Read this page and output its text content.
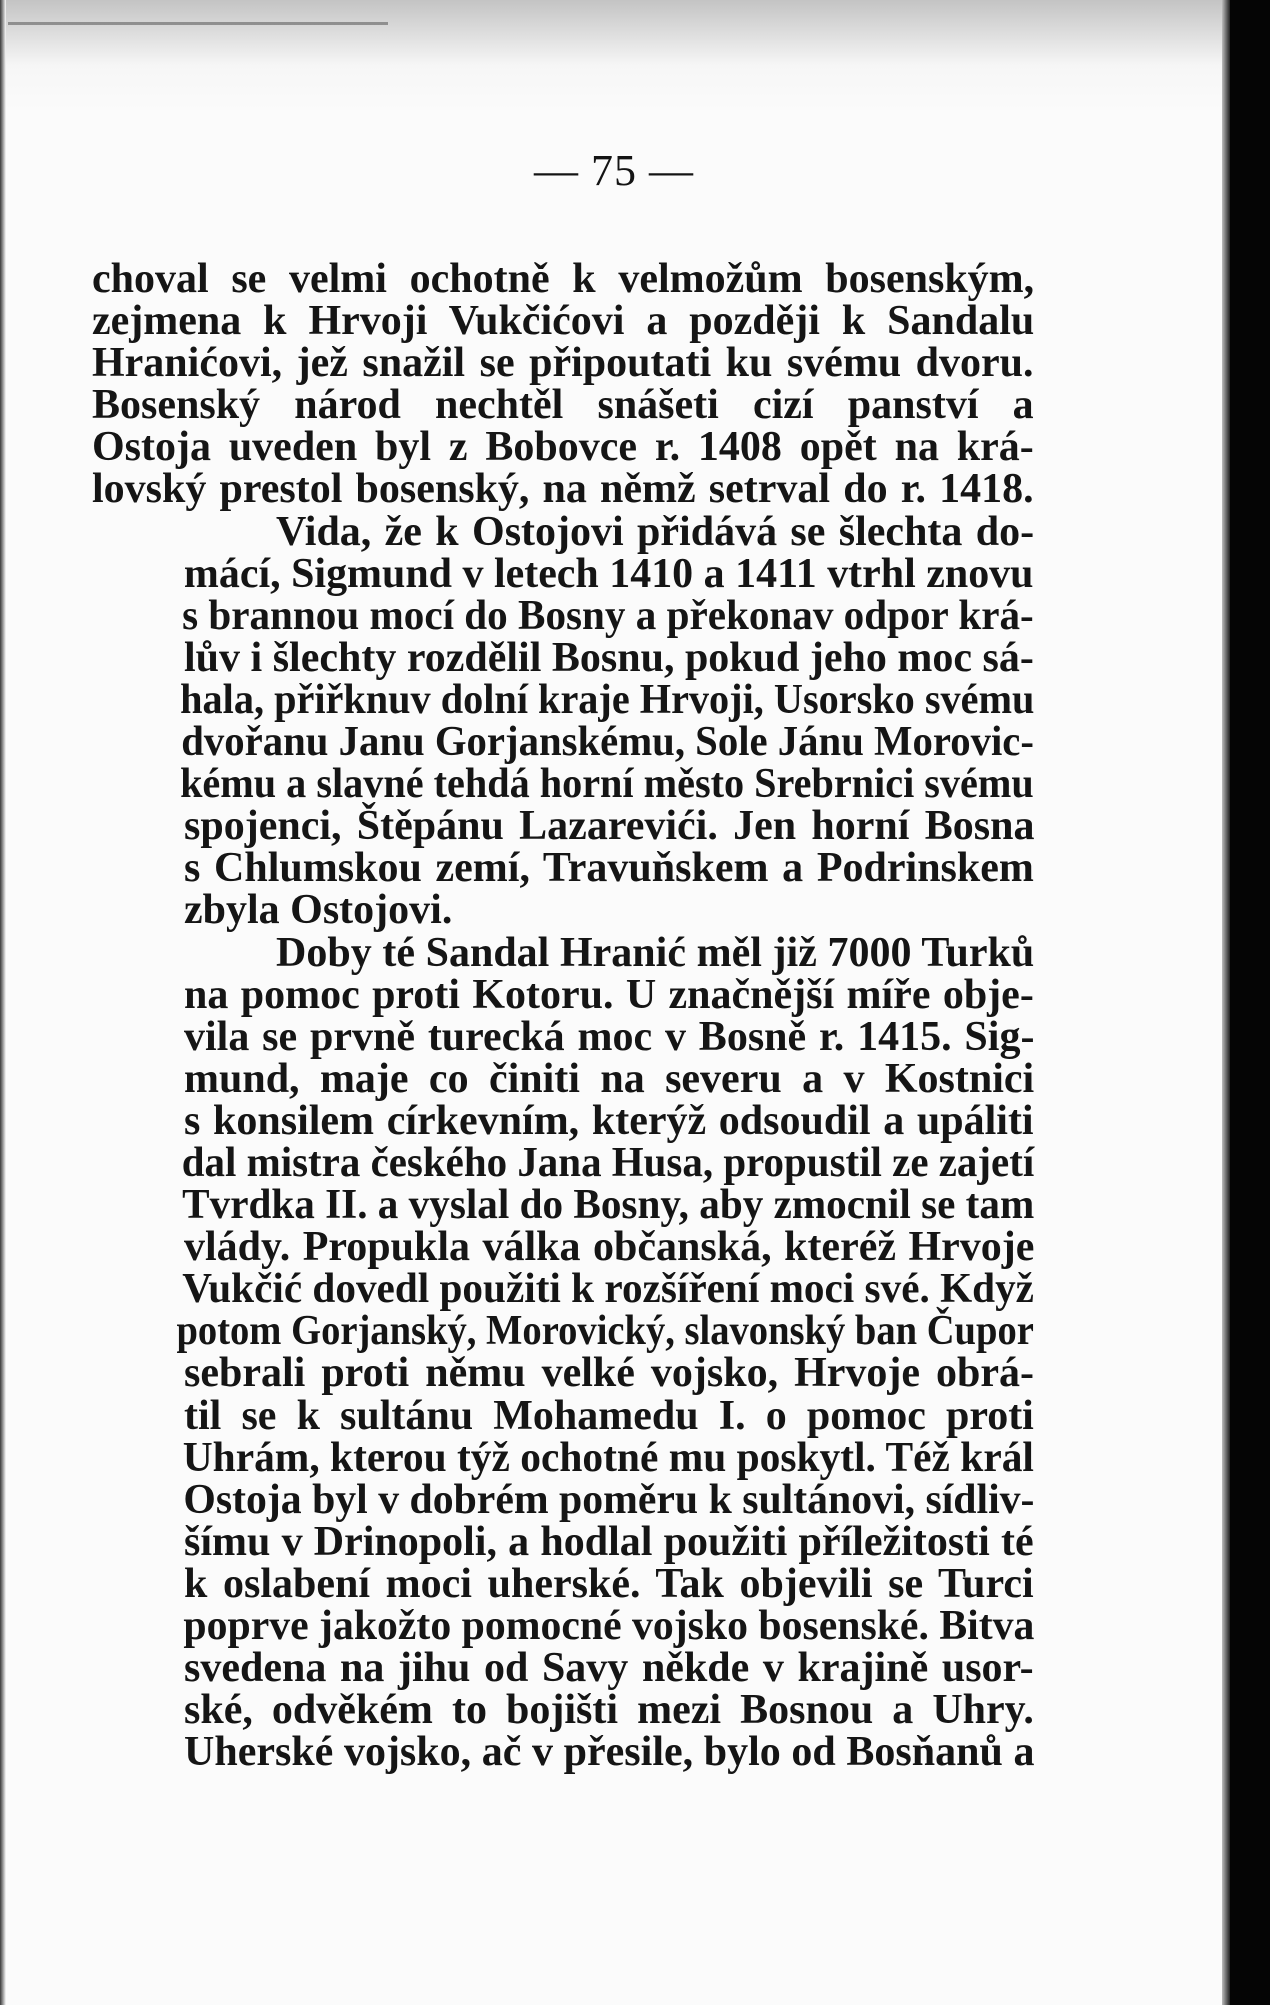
— 75 —

choval se velmi ochotně k velmožům bosenským,
zejmena k Hrvoji Vukčićovi a později k Sandalu
Hranićovi, jež snažil se připoutati ku svému dvoru.
Bosenský národ nechtěl snášeti cizí panství a
Ostoja uveden byl z Bobovce r. 1408 opět na krá-
lovský prestol bosenský, na němž setrval do r. 1418.

Vida, že k Ostojovi přidává se šlechta do-
mácí, Sigmund v letech 1410 a 1411 vtrhl znovu
s brannou mocí do Bosny a překonav odpor krá-
lův i šlechty rozdělil Bosnu, pokud jeho moc sá-
hala, přiřknuv dolní kraje Hrvoji, Usorsko svému
dvořanu Janu Gorjanskému, Sole Jánu Morovic-
kému a slavné tehdá horní město Srebrnici svému
spojenci, Štěpánu Lazarevići. Jen horní Bosna
s Chlumskou zemí, Travuňskem a Podrinskem
zbyla Ostojovi.

Doby té Sandal Hranić měl již 7000 Turků
na pomoc proti Kotoru. U značnější míře obje-
vila se prvně turecká moc v Bosně r. 1415. Sig-
mund, maje co činiti na severu a v Kostnici
s konsilem církevním, kterýž odsoudil a upáliti
dal mistra českého Jana Husa, propustil ze zajetí
Tvrdka II. a vyslal do Bosny, aby zmocnil se tam
vlády. Propukla válka občanská, kteréž Hrvoje
Vukčić dovedl použiti k rozšíření moci své. Když
potom Gorjanský, Morovický, slavonský ban Čupor
sebrali proti němu velké vojsko, Hrvoje obrá-
til se k sultánu Mohamedu I. o pomoc proti
Uhrám, kterou týž ochotné mu poskytl. Též král
Ostoja byl v dobrém poměru k sultánovi, sídliv-
šímu v Drinopoli, a hodlal použiti příležitosti té
k oslabení moci uherské. Tak objevili se Turci
poprve jakožto pomocné vojsko bosenské. Bitva
svedena na jihu od Savy někde v krajině usor-
ské, odvěkém to bojišti mezi Bosnou a Uhry.
Uherské vojsko, ač v přesile, bylo od Bosňanů a
